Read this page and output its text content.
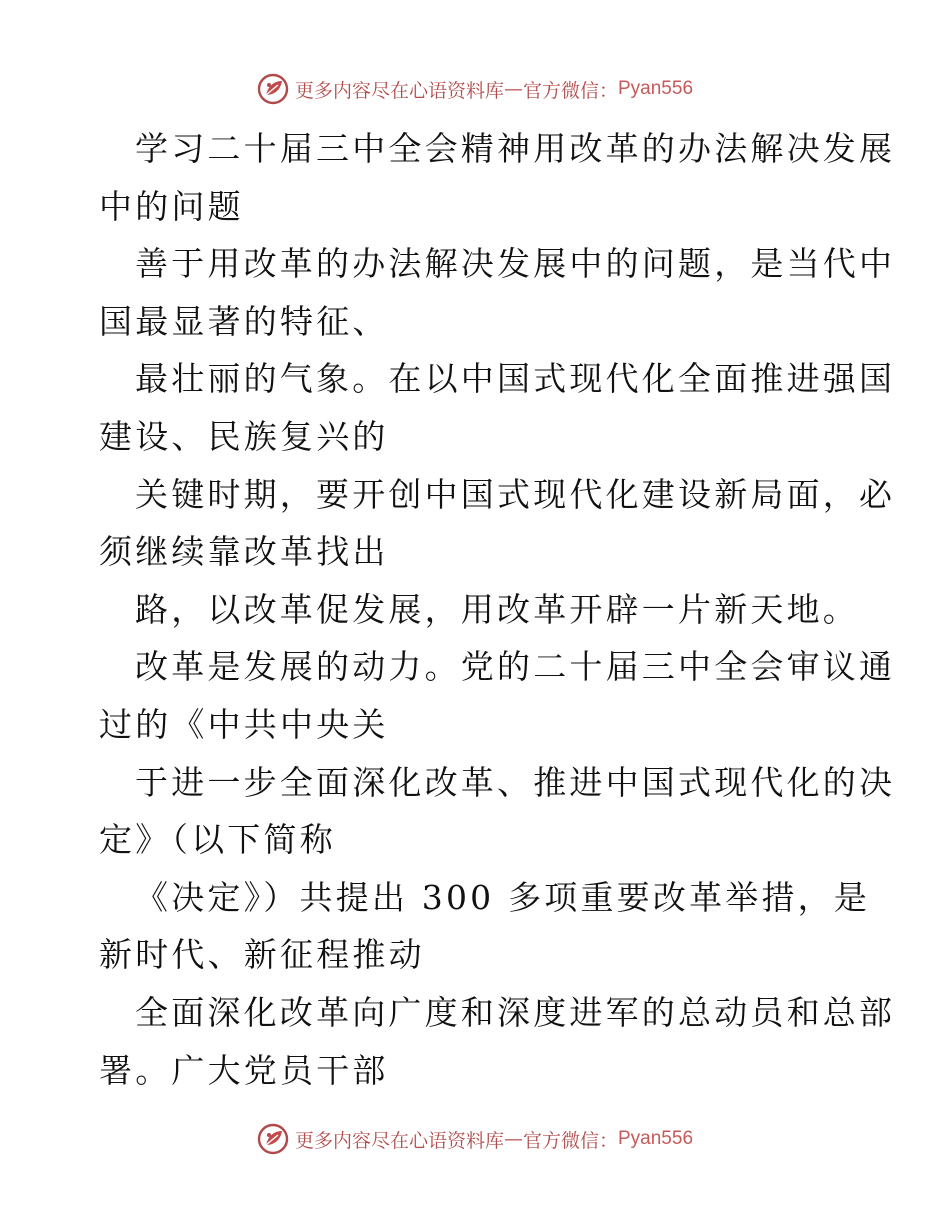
更多内容尽在心语资料库 — 官方微信： Pyan556
学习二十届三中全会精神用改革的办法解决发展
中的问题
善于用改革的办法解决发展中的问题，是当代中
国最显著的特征、
最壮丽的气象。在以中国式现代化全面推进强国
建设、民族复兴的
关键时期，要开创中国式现代化建设新局面，必
须继续靠改革找出
路，以改革促发展，用改革开辟一片新天地。
改革是发展的动力。党的二十届三中全会审议通
过的《中共中央关
于进一步全面深化改革、推进中国式现代化的决
定》（以下简称
《决定》）共提出 300 多项重要改革举措，是
新时代、新征程推动
全面深化改革向广度和深度进军的总动员和总部
署。广大党员干部
更多内容尽在心语资料库 — 官方微信： Pyan556
